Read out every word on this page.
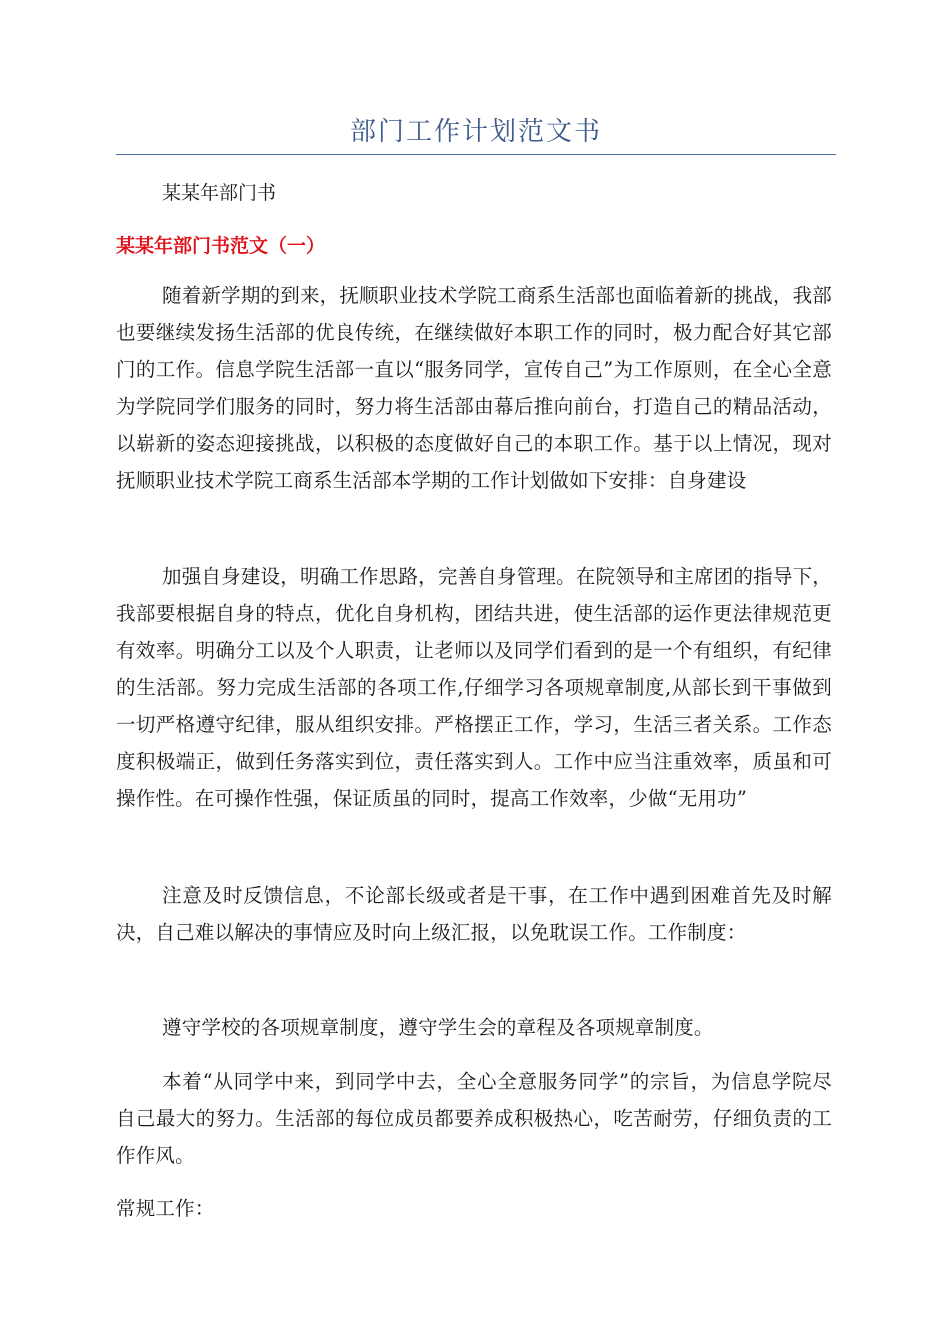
部门工作计划范文书

某某年部门书

某某年部门书范文（一）

随着新学期的到来，抚顺职业技术学院工商系生活部也面临着新的挑战，我部也要继续发扬生活部的优良传统，在继续做好本职工作的同时，极力配合好其它部门的工作。信息学院生活部一直以“服务同学，宣传自己”为工作原则，在全心全意为学院同学们服务的同时，努力将生活部由幕后推向前台，打造自己的精品活动，以崭新的姿态迎接挑战，以积极的态度做好自己的本职工作。基于以上情况，现对抚顺职业技术学院工商系生活部本学期的工作计划做如下安排：自身建设

加强自身建设，明确工作思路，完善自身管理。在院领导和主席团的指导下，我部要根据自身的特点，优化自身机构，团结共进，使生活部的运作更法律规范更有效率。明确分工以及个人职责，让老师以及同学们看到的是一个有组织，有纪律的生活部。努力完成生活部的各项工作,仔细学习各项规章制度,从部长到干事做到一切严格遵守纪律，服从组织安排。严格摆正工作，学习，生活三者关系。工作态度积极端正，做到任务落实到位，责任落实到人。工作中应当注重效率，质虽和可操作性。在可操作性强，保证质虽的同时，提高工作效率，少做“无用功”

注意及时反馈信息，不论部长级或者是干事，在工作中遇到困难首先及时解决，自己难以解决的事情应及时向上级汇报，以免耽误工作。工作制度：

遵守学校的各项规章制度，遵守学生会的章程及各项规章制度。

本着“从同学中来，到同学中去，全心全意服务同学”的宗旨，为信息学院尽自己最大的努力。生活部的每位成员都要养成积极热心，吃苦耐劳，仔细负责的工作作风。

常规工作：
